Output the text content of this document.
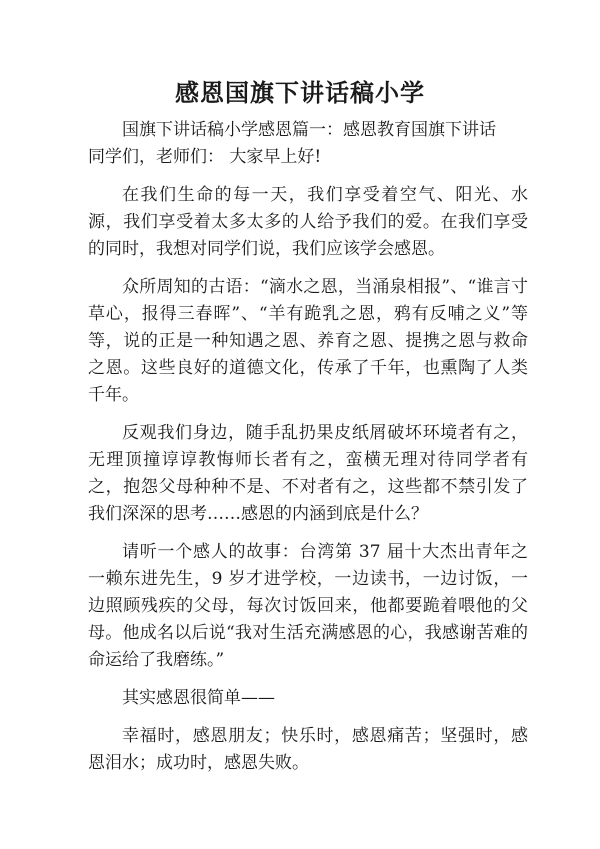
感恩国旗下讲话稿小学

国旗下讲话稿小学感恩篇一：感恩教育国旗下讲话

同学们，老师们： 大家早上好!

在我们生命的每一天，我们享受着空气、阳光、水源，我们享受着太多太多的人给予我们的爱。在我们享受的同时，我想对同学们说，我们应该学会感恩。

众所周知的古语：“滴水之恩，当涌泉相报”、“谁言寸草心，报得三春晖”、“羊有跪乳之恩，鸦有反哺之义”等等，说的正是一种知遇之恩、养育之恩、提携之恩与救命之恩。这些良好的道德文化，传承了千年，也熏陶了人类千年。

反观我们身边，随手乱扔果皮纸屑破坏环境者有之，无理顶撞谆谆教悔师长者有之，蛮横无理对待同学者有之，抱怨父母种种不是、不对者有之，这些都不禁引发了我们深深的思考……感恩的内涵到底是什么？

请听一个感人的故事：台湾第 37 届十大杰出青年之一赖东进先生，9 岁才进学校，一边读书，一边讨饭，一边照顾残疾的父母，每次讨饭回来，他都要跪着喂他的父母。他成名以后说“我对生活充满感恩的心，我感谢苦难的命运给了我磨练。”

其实感恩很简单——

幸福时，感恩朋友；快乐时，感恩痛苦；坚强时，感恩泪水；成功时，感恩失败。
